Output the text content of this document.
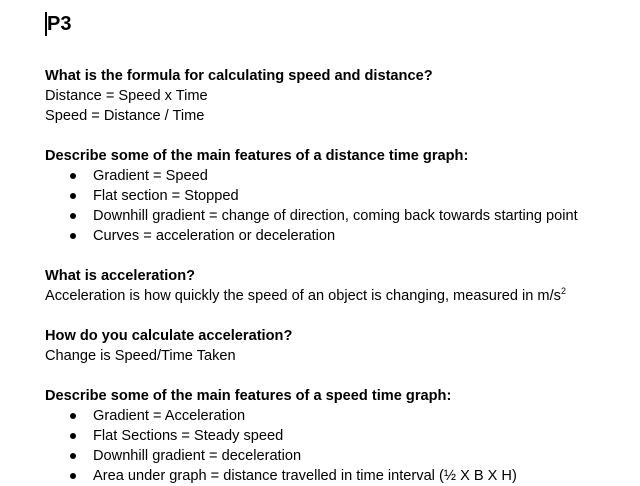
P3
What is the formula for calculating speed and distance?
Distance = Speed x Time
Speed = Distance / Time
Describe some of the main features of a distance time graph:
Gradient = Speed
Flat section = Stopped
Downhill gradient = change of direction, coming back towards starting point
Curves = acceleration or deceleration
What is acceleration?
Acceleration is how quickly the speed of an object is changing, measured in $m/s^2$
How do you calculate acceleration?
Change is Speed/Time Taken
Describe some of the main features of a speed time graph:
Gradient = Acceleration
Flat Sections = Steady speed
Downhill gradient = deceleration
Area under graph = distance travelled in time interval (½ X B X H)
